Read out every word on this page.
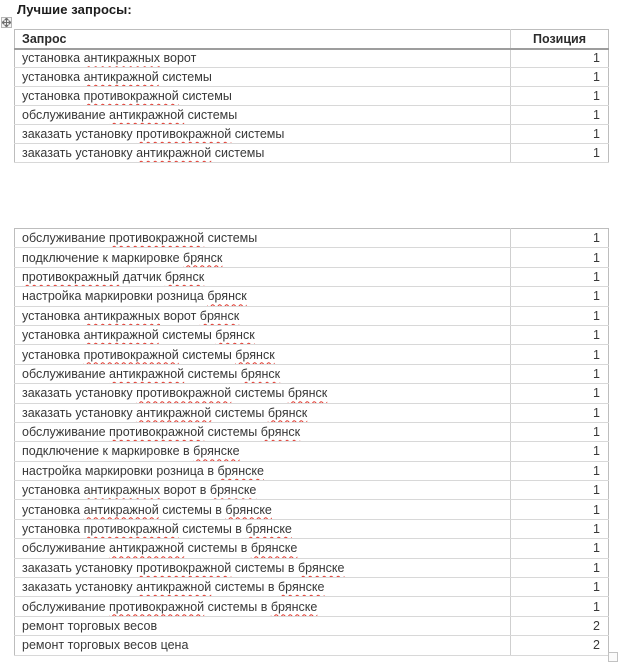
Лучшие запросы:
Запрос	Позиция
установка антикражных ворот	1
установка антикражной системы	1
установка противокражной системы	1
обслуживание антикражной системы	1
заказать установку противокражной системы	1
заказать установку антикражной системы	1
обслуживание противокражной системы	1
подключение к маркировке брянск	1
противокражный датчик брянск	1
настройка маркировки розница брянск	1
установка антикражных ворот брянск	1
установка антикражной системы брянск	1
установка противокражной системы брянск	1
обслуживание антикражной системы брянск	1
заказать установку противокражной системы брянск	1
заказать установку антикражной системы брянск	1
обслуживание противокражной системы брянск	1
подключение к маркировке в брянске	1
настройка маркировки розница в брянске	1
установка антикражных ворот в брянске	1
установка антикражной системы в брянске	1
установка противокражной системы в брянске	1
обслуживание антикражной системы в брянске	1
заказать установку противокражной системы в брянске	1
заказать установку антикражной системы в брянске	1
обслуживание противокражной системы в брянске	1
ремонт торговых весов	2
ремонт торговых весов цена	2
